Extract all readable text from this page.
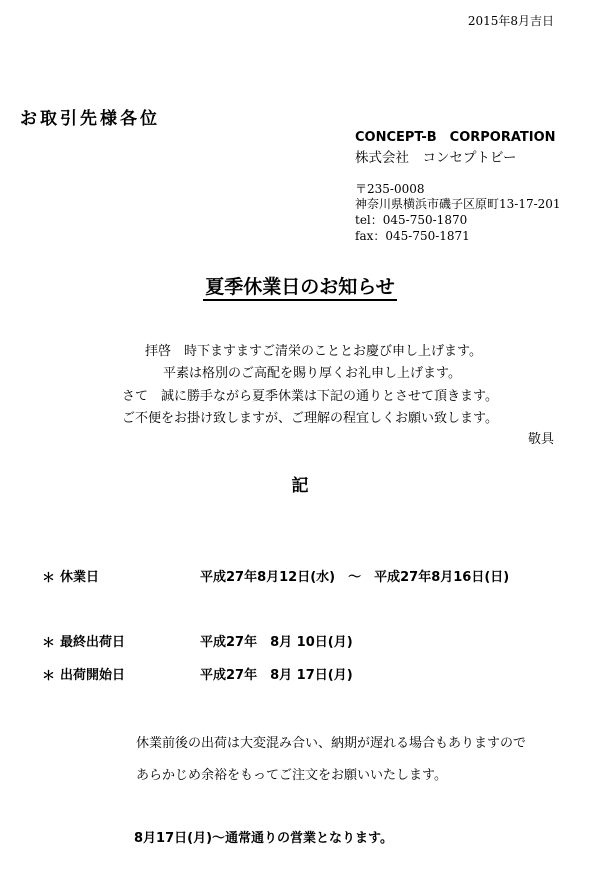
2015年8月吉日
お取引先様各位
CONCEPT-B　CORPORATION
株式会社　コンセプトビー
〒235-0008
神奈川県横浜市磯子区原町13-17-201
tel：045-750-1870
fax：045-750-1871
夏季休業日のお知らせ
拝啓　時下ますますご清栄のこととお慶び申し上げます。
平素は格別のご高配を賜り厚くお礼申し上げます。
さて　誠に勝手ながら夏季休業は下記の通りとさせて頂きます。
ご不便をお掛け致しますが、ご理解の程宜しくお願い致します。
敬具
記
＊ 休業日	平成27年8月12日(水)　～　平成27年8月16日(日)
＊ 最終出荷日	平成27年　8月 10日(月)
＊ 出荷開始日	平成27年　8月 17日(月)
休業前後の出荷は大変混み合い、納期が遅れる場合もありますので
あらかじめ余裕をもってご注文をお願いいたします。
8月17日(月)～通常通りの営業となります。
